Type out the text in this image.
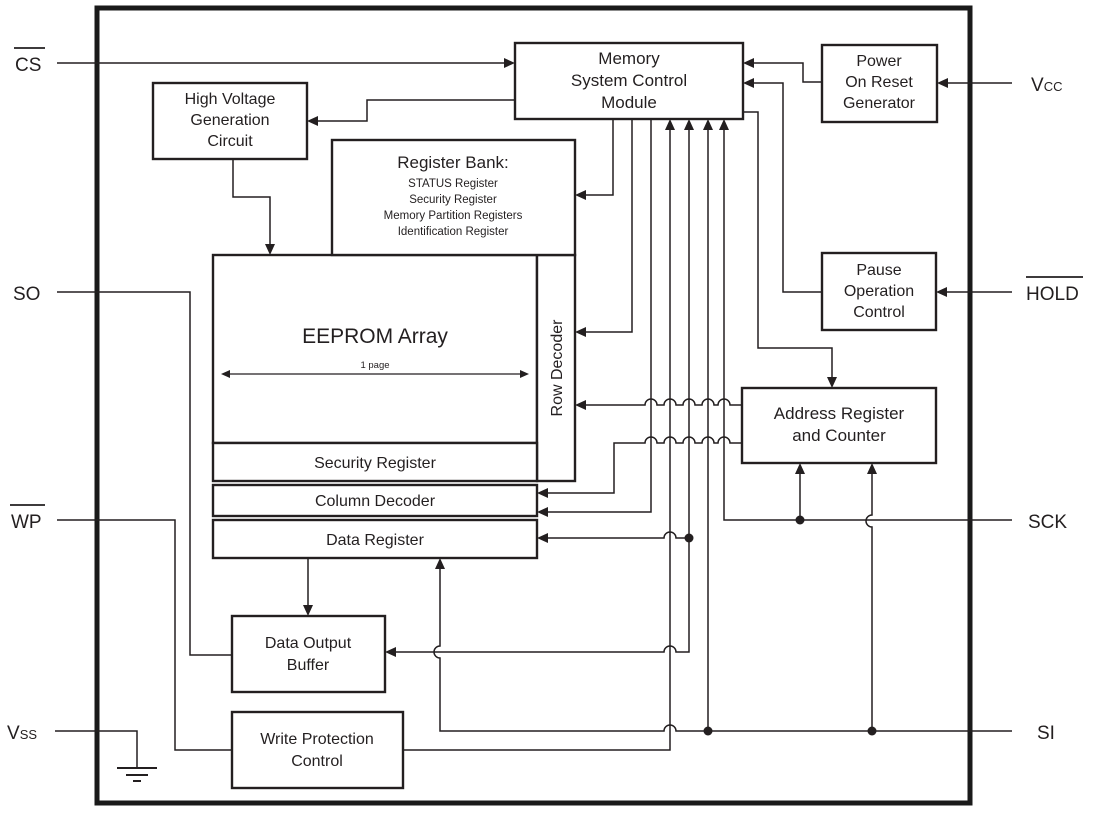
Memory
System Control
Module
Power
On Reset
Generator
High Voltage
Generation
Circuit
Register Bank:
STATUS Register
Security Register
Memory Partition Registers
Identification Register
EEPROM Array
1 page	Row Decoder
Security Register
Column Decoder
Data Register
Pause
Operation
Control
Address Register
and Counter
Data Output
Buffer
Write Protection
Control
CS
SO
WP
VSS
VCC
HOLD
SCK
SI
